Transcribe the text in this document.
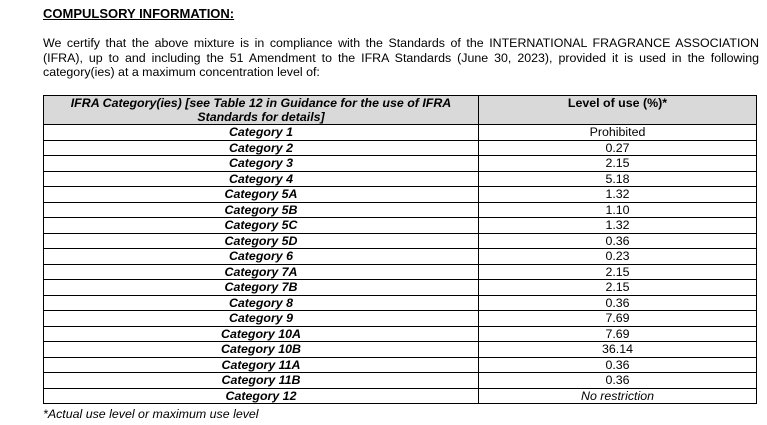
COMPULSORY INFORMATION:
We certify that the above mixture is in compliance with the Standards of the INTERNATIONAL FRAGRANCE ASSOCIATION (IFRA), up to and including the 51 Amendment to the IFRA Standards (June 30, 2023), provided it is used in the following category(ies) at a maximum concentration level of:
IFRA Category(ies) [see Table 12 in Guidance for the use of IFRA Standards for details]	Level of use (%)*
Category 1	Prohibited
Category 2	0.27
Category 3	2.15
Category 4	5.18
Category 5A	1.32
Category 5B	1.10
Category 5C	1.32
Category 5D	0.36
Category 6	0.23
Category 7A	2.15
Category 7B	2.15
Category 8	0.36
Category 9	7.69
Category 10A	7.69
Category 10B	36.14
Category 11A	0.36
Category 11B	0.36
Category 12	No restriction
*Actual use level or maximum use level
